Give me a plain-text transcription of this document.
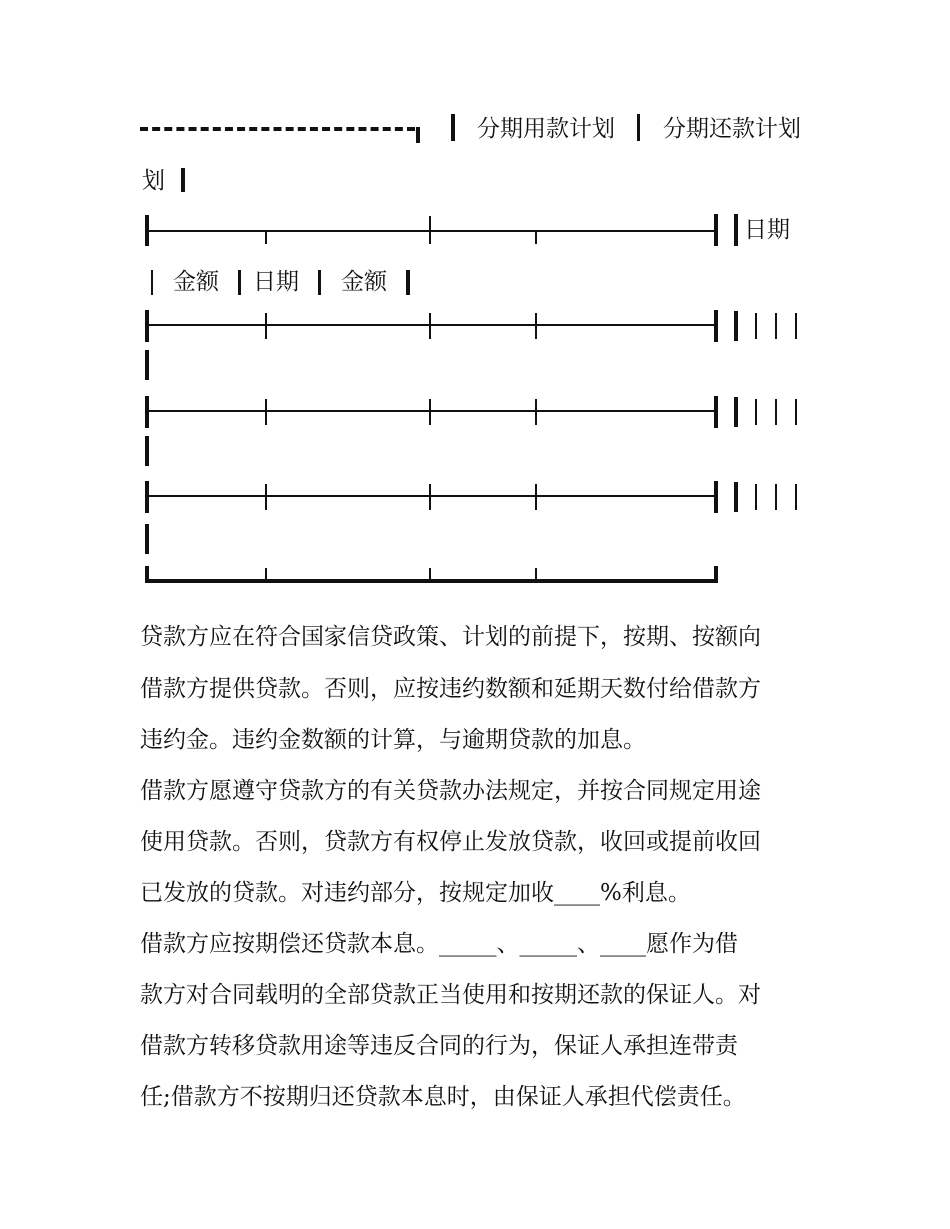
分期用款计划 分期还款计划
划
日期
金额 日期 金额
贷款方应在符合国家信贷政策、计划的前提下，按期、按额向
借款方提供贷款。否则，应按违约数额和延期天数付给借款方
违约金。违约金数额的计算，与逾期贷款的加息。
借款方愿遵守贷款方的有关贷款办法规定，并按合同规定用途
使用贷款。否则，贷款方有权停止发放贷款，收回或提前收回
已发放的贷款。对违约部分，按规定加收____%利息。
借款方应按期偿还贷款本息。_____、_____、____愿作为借
款方对合同载明的全部贷款正当使用和按期还款的保证人。对
借款方转移贷款用途等违反合同的行为，保证人承担连带责
任;借款方不按期归还贷款本息时，由保证人承担代偿责任。
